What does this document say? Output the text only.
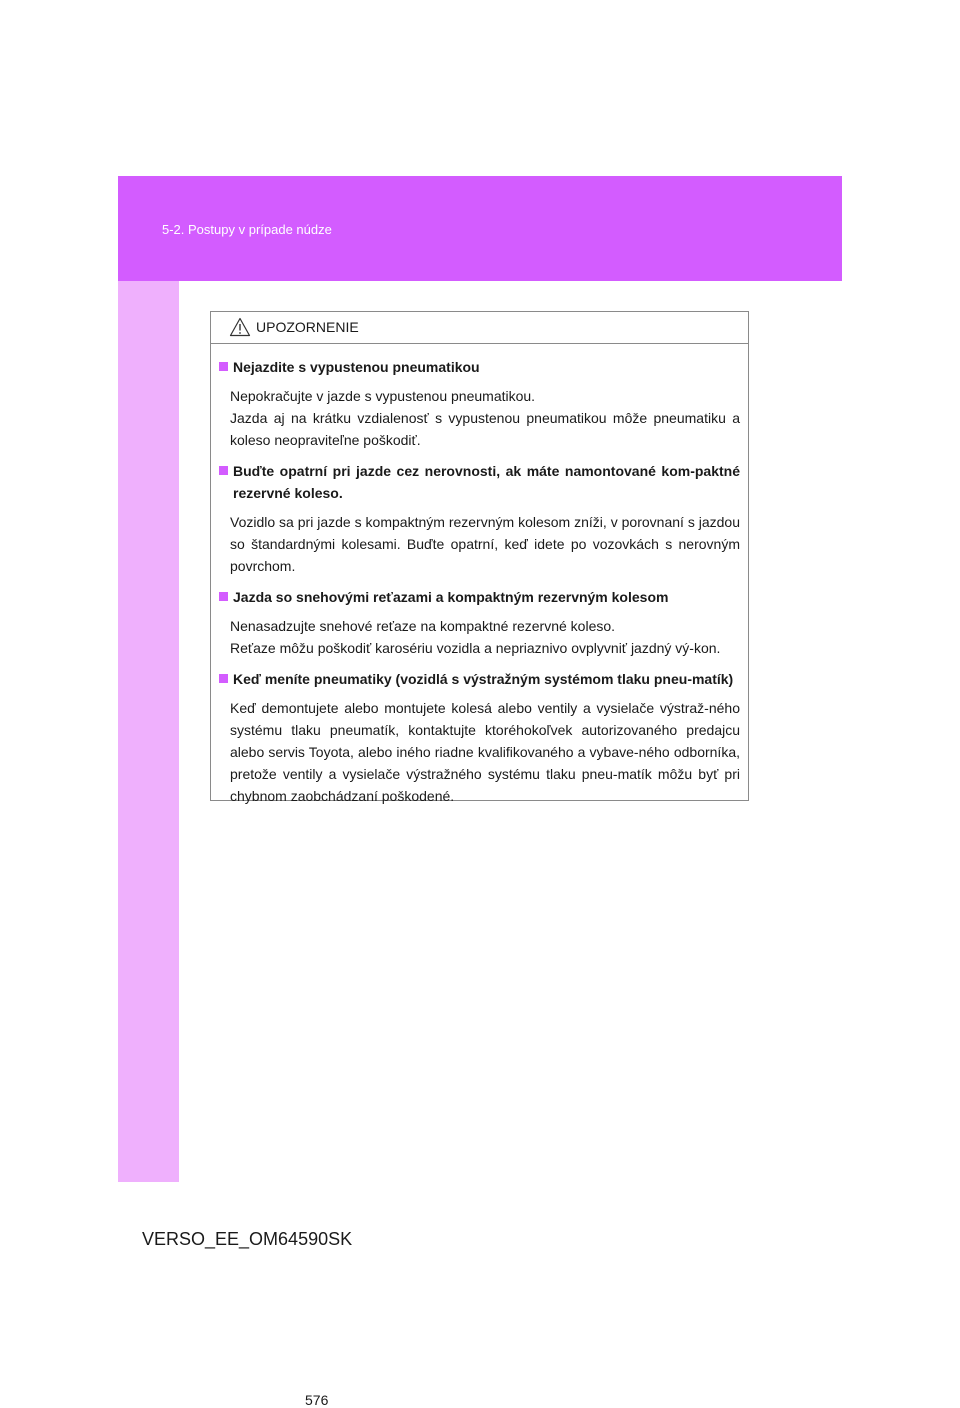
5-2. Postupy v prípade núdze
576
UPOZORNENIE
Nejazdite s vypustenou pneumatikou

Nepokračujte v jazde s vypustenou pneumatikou.

Jazda aj na krátku vzdialenosť s vypustenou pneumatikou môže pneumatiku a koleso neopraviteľne poškodiť.

Buďte opatrní pri jazde cez nerovnosti, ak máte namontované kom-paktné rezervné koleso.

Vozidlo sa pri jazde s kompaktným rezervným kolesom zníži, v porovnaní s jazdou so štandardnými kolesami. Buďte opatrní, keď idete po vozovkách s nerovným povrchom.

Jazda so snehovými reťazami a kompaktným rezervným kolesom

Nenasadzujte snehové reťaze na kompaktné rezervné koleso.

Reťaze môžu poškodiť karosériu vozidla a nepriaznivo ovplyvniť jazdný vý-kon.

Keď meníte pneumatiky (vozidlá s výstražným systémom tlaku pneu-matík)

Keď demontujete alebo montujete kolesá alebo ventily a vysielače výstraž-ného systému tlaku pneumatík, kontaktujte ktoréhokoľvek autorizovaného predajcu alebo servis Toyota, alebo iného riadne kvalifikovaného a vybave-ného odborníka, pretože ventily a vysielače výstražného systému tlaku pneu-matík môžu byť pri chybnom zaobchádzaní poškodené.

VERSO_EE_OM64590SK
